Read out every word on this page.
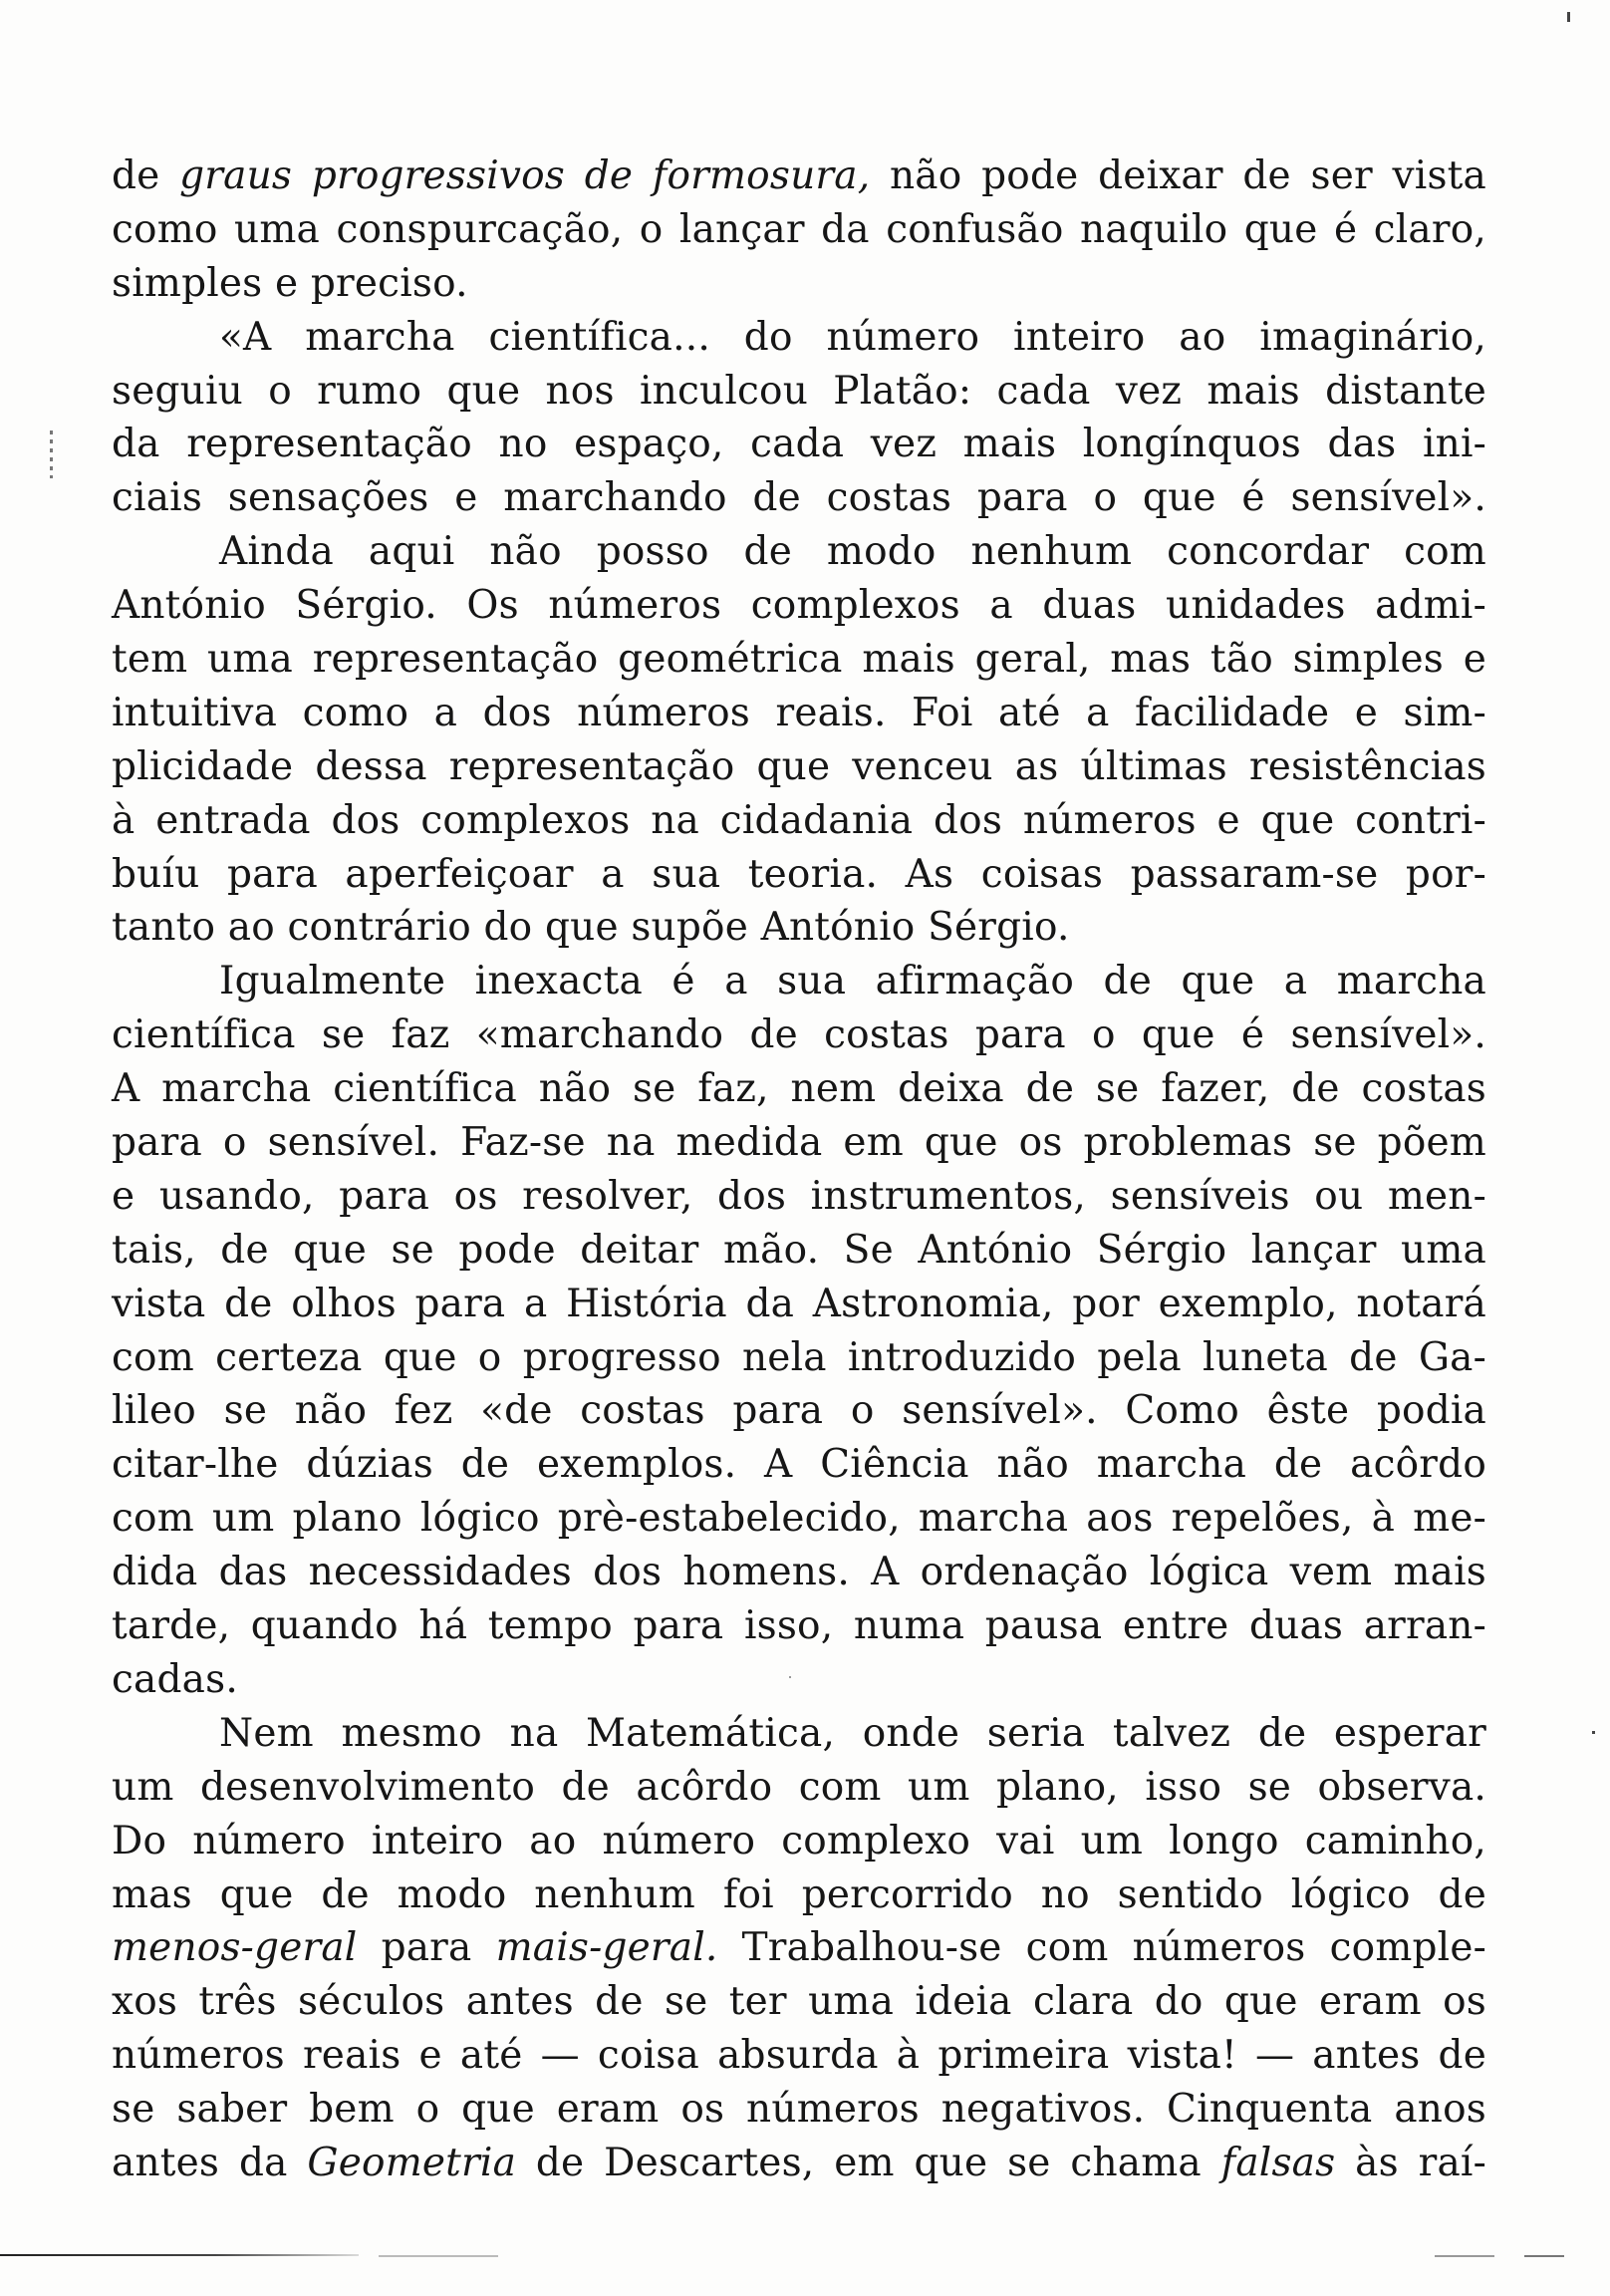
de graus progressivos de formosura, não pode deixar de ser vista
como uma conspurcação, o lançar da confusão naquilo que é claro,
simples e preciso.
«A marcha científica... do número inteiro ao imaginário,
seguiu o rumo que nos inculcou Platão: cada vez mais distante
da representação no espaço, cada vez mais longínquos das ini-
ciais sensações e marchando de costas para o que é sensível».
Ainda aqui não posso de modo nenhum concordar com
António Sérgio. Os números complexos a duas unidades admi-
tem uma representação geométrica mais geral, mas tão simples e
intuitiva como a dos números reais. Foi até a facilidade e sim-
plicidade dessa representação que venceu as últimas resistências
à entrada dos complexos na cidadania dos números e que contri-
buíu para aperfeiçoar a sua teoria. As coisas passaram-se por-
tanto ao contrário do que supõe António Sérgio.
Igualmente inexacta é a sua afirmação de que a marcha
científica se faz «marchando de costas para o que é sensível».
A marcha científica não se faz, nem deixa de se fazer, de costas
para o sensível. Faz-se na medida em que os problemas se põem
e usando, para os resolver, dos instrumentos, sensíveis ou men-
tais, de que se pode deitar mão. Se António Sérgio lançar uma
vista de olhos para a História da Astronomia, por exemplo, notará
com certeza que o progresso nela introduzido pela luneta de Ga-
lileo se não fez «de costas para o sensível». Como êste podia
citar-lhe dúzias de exemplos. A Ciência não marcha de acôrdo
com um plano lógico prè-estabelecido, marcha aos repelões, à me-
dida das necessidades dos homens. A ordenação lógica vem mais
tarde, quando há tempo para isso, numa pausa entre duas arran-
cadas.
Nem mesmo na Matemática, onde seria talvez de esperar
um desenvolvimento de acôrdo com um plano, isso se observa.
Do número inteiro ao número complexo vai um longo caminho,
mas que de modo nenhum foi percorrido no sentido lógico de
menos-geral para mais-geral. Trabalhou-se com números comple-
xos três séculos antes de se ter uma ideia clara do que eram os
números reais e até — coisa absurda à primeira vista! — antes de
se saber bem o que eram os números negativos. Cinquenta anos
antes da Geometria de Descartes, em que se chama falsas às raí-
